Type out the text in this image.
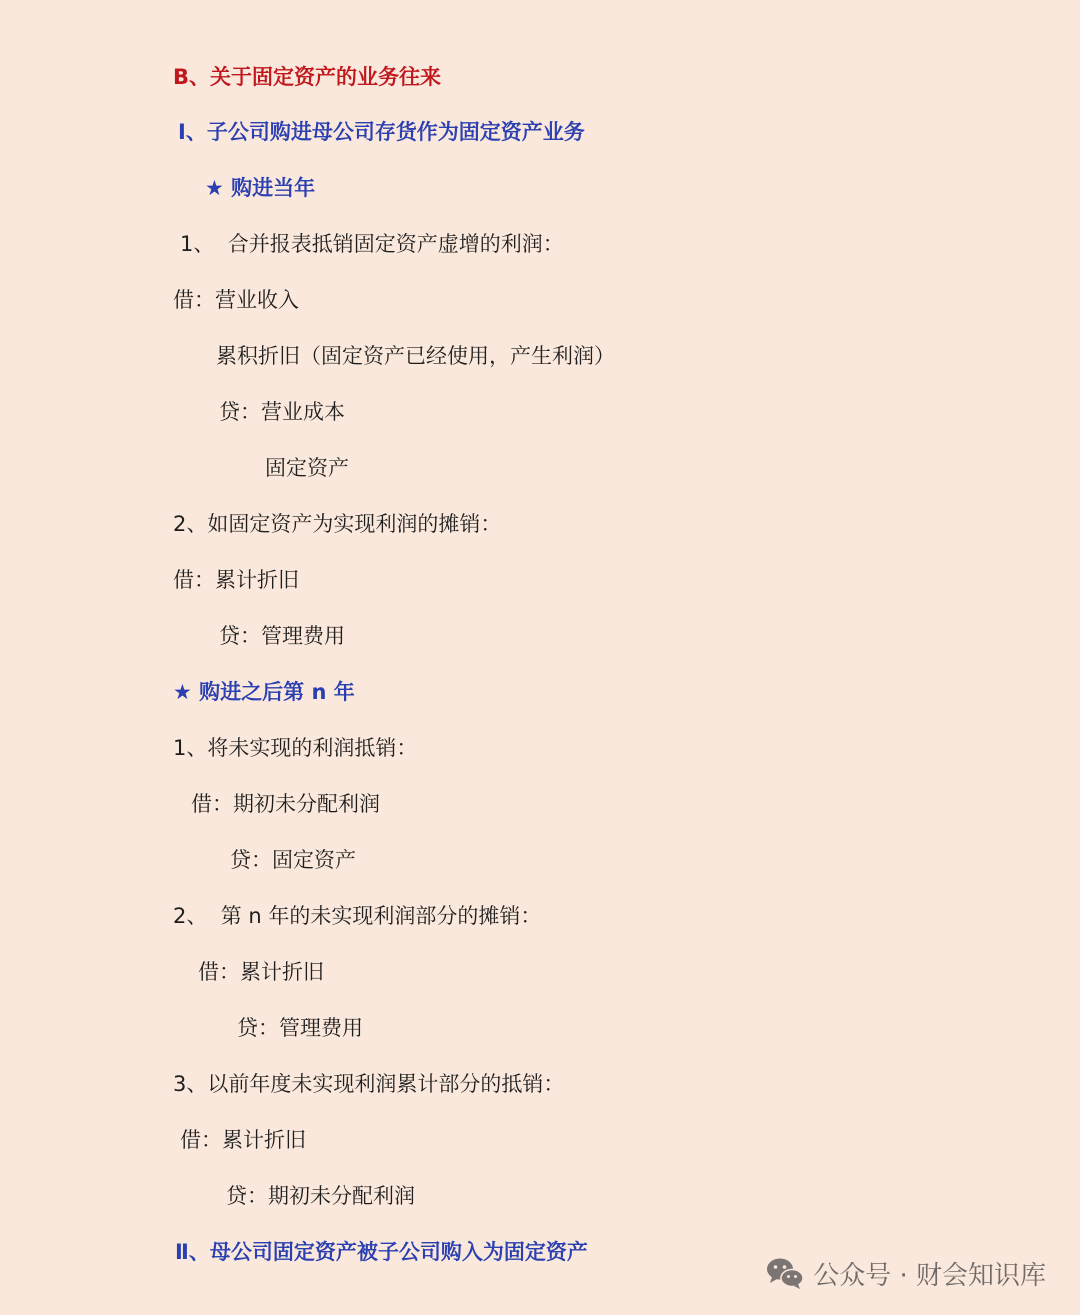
B、关于固定资产的业务往来
Ⅰ、子公司购进母公司存货作为固定资产业务
★ 购进当年
1、  合并报表抵销固定资产虚增的利润：
借：营业收入
累积折旧（固定资产已经使用，产生利润）
贷：营业成本
固定资产
2、如固定资产为实现利润的摊销：
借：累计折旧
贷：管理费用
★ 购进之后第 n 年
1、将未实现的利润抵销：
借：期初未分配利润
贷：固定资产
2、  第 n 年的未实现利润部分的摊销：
借：累计折旧
贷：管理费用
3、以前年度未实现利润累计部分的抵销：
借：累计折旧
贷：期初未分配利润
Ⅱ、母公司固定资产被子公司购入为固定资产
公众号 · 财会知识库
